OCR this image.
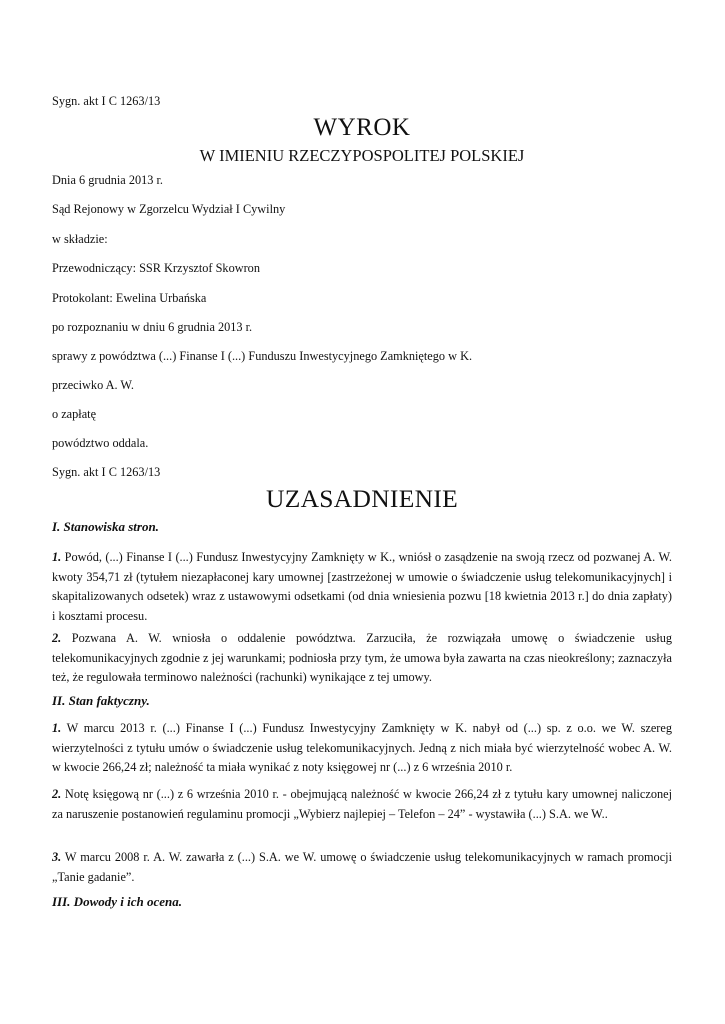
Sygn. akt I C 1263/13
WYROK
W IMIENIU RZECZYPOSPOLITEJ POLSKIEJ
Dnia 6 grudnia 2013 r.
Sąd Rejonowy w Zgorzelcu Wydział I Cywilny
w składzie:
Przewodniczący: SSR Krzysztof Skowron
Protokolant: Ewelina Urbańska
po rozpoznaniu w dniu 6 grudnia 2013 r.
sprawy z powództwa (...) Finanse I (...) Funduszu Inwestycyjnego Zamkniętego w K.
przeciwko A. W.
o zapłatę
powództwo oddala.
Sygn. akt I C 1263/13
UZASADNIENIE
I. Stanowiska stron.
1. Powód, (...) Finanse I (...) Fundusz Inwestycyjny Zamknięty w K., wniósł o zasądzenie na swoją rzecz od pozwanej A. W. kwoty 354,71 zł (tytułem niezapłaconej kary umownej [zastrzeżonej w umowie o świadczenie usług telekomunikacyjnych] i skapitalizowanych odsetek) wraz z ustawowymi odsetkami (od dnia wniesienia pozwu [18 kwietnia 2013 r.] do dnia zapłaty) i kosztami procesu.
2. Pozwana A. W. wniosła o oddalenie powództwa. Zarzuciła, że rozwiązała umowę o świadczenie usług telekomunikacyjnych zgodnie z jej warunkami; podniosła przy tym, że umowa była zawarta na czas nieokreślony; zaznaczyła też, że regulowała terminowo należności (rachunki) wynikające z tej umowy.
II. Stan faktyczny.
1. W marcu 2013 r. (...) Finanse I (...) Fundusz Inwestycyjny Zamknięty w K. nabył od (...) sp. z o.o. we W. szereg wierzytelności z tytułu umów o świadczenie usług telekomunikacyjnych. Jedną z nich miała być wierzytelność wobec A. W. w kwocie 266,24 zł; należność ta miała wynikać z noty księgowej nr (...) z 6 września 2010 r.
2. Notę księgową nr (...) z 6 września 2010 r. - obejmującą należność w kwocie 266,24 zł z tytułu kary umownej naliczonej za naruszenie postanowień regulaminu promocji „Wybierz najlepiej – Telefon – 24” - wystawiła (...) S.A. we W..
3. W marcu 2008 r. A. W. zawarła z (...) S.A. we W. umowę o świadczenie usług telekomunikacyjnych w ramach promocji „Tanie gadanie”.
III. Dowody i ich ocena.
